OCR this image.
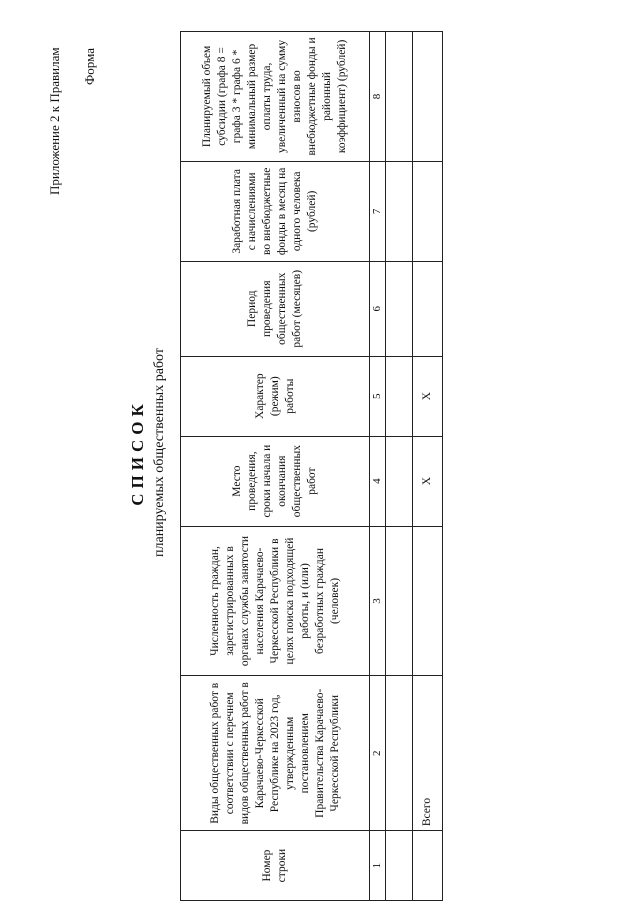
Приложение 2 к Правилам Форма
СПИСОК планируемых общественных работ
Номер строки	Виды общественных работ в соответствии с перечнем видов общественных работ в Карачаево-Черкесской Республике на 2023 год, утвержденным постановлением Правительства Карачаево-Черкесской Республики	Численность граждан, зарегистрированных в органах службы занятости населения Карачаево-Черкесской Республики в целях поиска подходящей работы, и (или) безработных граждан (человек)	Место проведения, сроки начала и окончания общественных работ	Характер (режим) работы	Период проведения общественных работ (месяцев)	Заработная плата с начислениями во внебюджетные фонды в месяц на одного человека (рублей)	Планируемый объем субсидии (графа 8 = графа 3 * графа 6 * минимальный размер оплаты труда, увеличенный на сумму взносов во внебюджетные фонды и районный коэффициент) (рублей)
1	2	3	4	5	6	7	8

	Всего		Х	Х			
